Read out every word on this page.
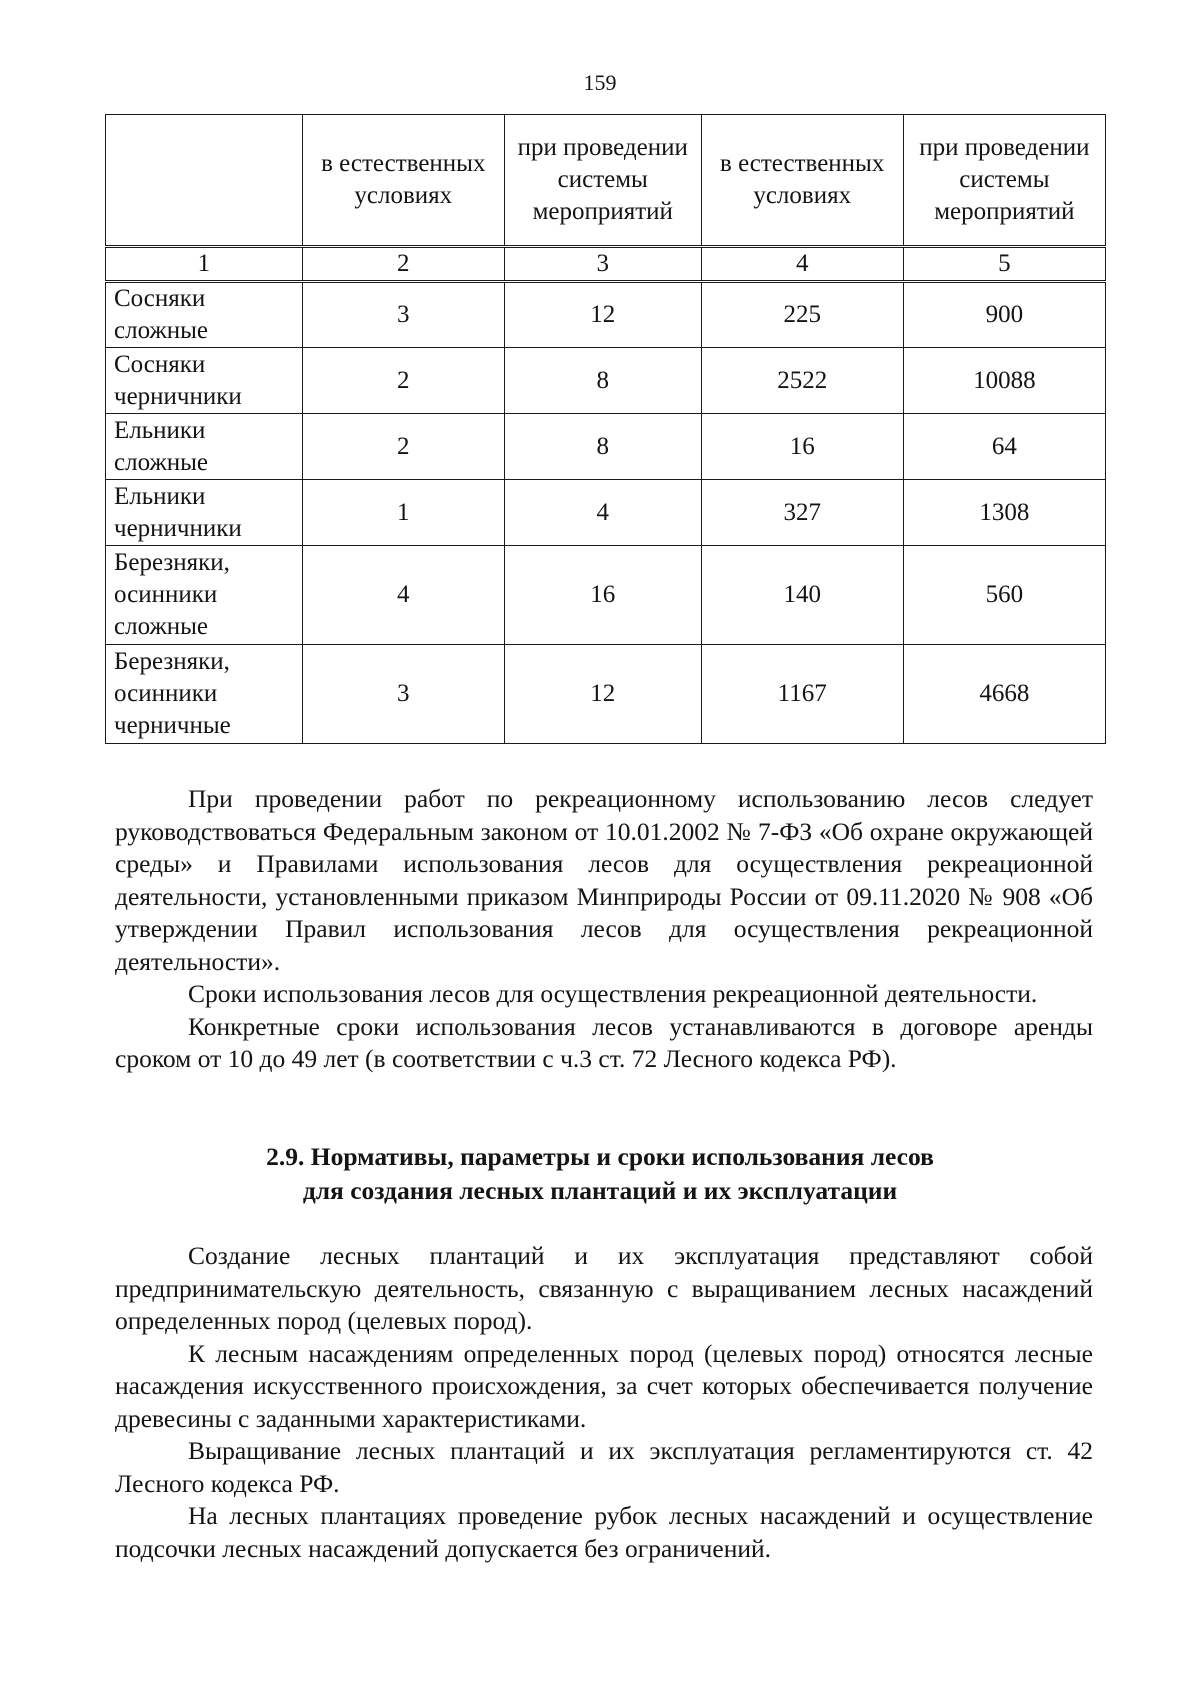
159
	в естественных условиях	при проведении системы мероприятий	в естественных условиях	при проведении системы мероприятий
1	2	3	4	5
Сосняки сложные	3	12	225	900
Сосняки черничники	2	8	2522	10088
Ельники сложные	2	8	16	64
Ельники черничники	1	4	327	1308
Березняки, осинники сложные	4	16	140	560
Березняки, осинники черничные	3	12	1167	4668

При проведении работ по рекреационному использованию лесов следует руководствоваться Федеральным законом от 10.01.2002 № 7-ФЗ «Об охране окружающей среды» и Правилами использования лесов для осуществления рекреационной деятельности, установленными приказом Минприроды России от 09.11.2020 № 908 «Об утверждении Правил использования лесов для осуществления рекреационной деятельности».

Сроки использования лесов для осуществления рекреационной деятельности.

Конкретные сроки использования лесов устанавливаются в договоре аренды сроком от 10 до 49 лет (в соответствии с ч.3 ст. 72 Лесного кодекса РФ).

2.9. Нормативы, параметры и сроки использования лесов
для создания лесных плантаций и их эксплуатации

Создание лесных плантаций и их эксплуатация представляют собой предпринимательскую деятельность, связанную с выращиванием лесных насаждений определенных пород (целевых пород).

К лесным насаждениям определенных пород (целевых пород) относятся лесные насаждения искусственного происхождения, за счет которых обеспечивается получение древесины с заданными характеристиками.

Выращивание лесных плантаций и их эксплуатация регламентируются ст. 42 Лесного кодекса РФ.

На лесных плантациях проведение рубок лесных насаждений и осуществление подсочки лесных насаждений допускается без ограничений.
